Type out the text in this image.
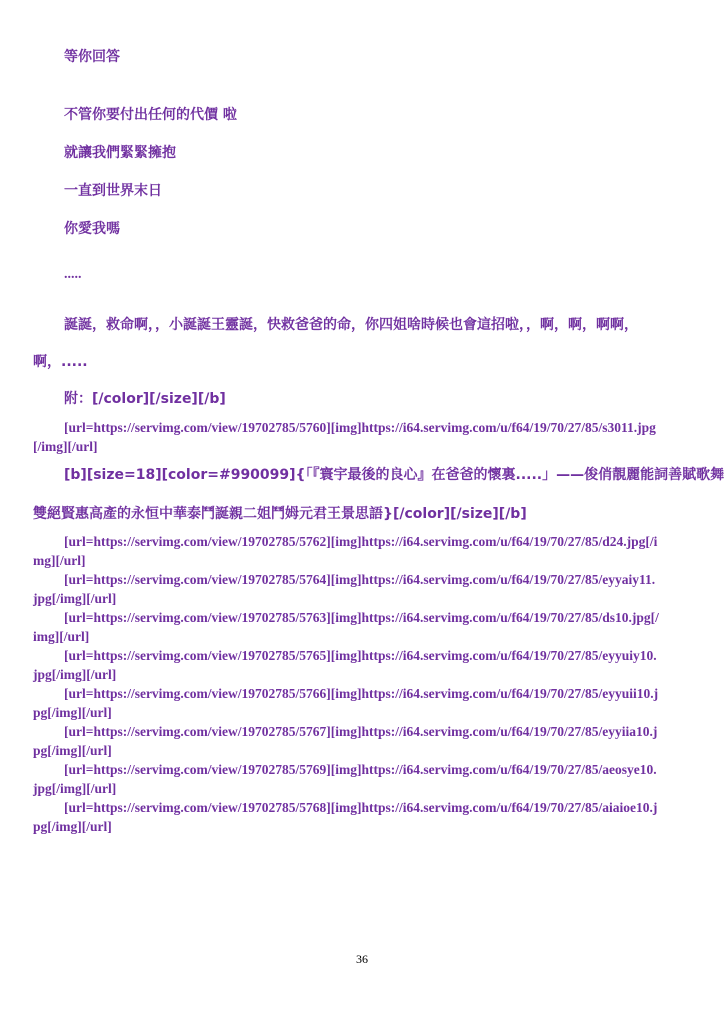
等你回答
不管你要付出任何的代價 啦
就讓我們緊緊擁抱
一直到世界末日
你愛我嗎
.....
誕誕，救命啊，，小誕誕王靈誕，快救爸爸的命，你四姐啥時候也會這招啦，，啊，啊，啊啊，
啊，.....
附：[/color][/size][/b]
[url=https://servimg.com/view/19702785/5760][img]https://i64.servimg.com/u/f64/19/70/27/85/s3011.jpg[/img][/url]
[b][size=18][color=#990099]{「『寰宇最後的良心』在爸爸的懷裏.....」——俊俏靚麗能詞善賦歌舞
雙絕賢惠高產的永恒中華泰鬥誕親二姐鬥姆元君王景思語}[/color][/size][/b]
[url=https://servimg.com/view/19702785/5762][img]https://i64.servimg.com/u/f64/19/70/27/85/d24.jpg[/img][/url]
[url=https://servimg.com/view/19702785/5764][img]https://i64.servimg.com/u/f64/19/70/27/85/eyyaiy11.jpg[/img][/url]
[url=https://servimg.com/view/19702785/5763][img]https://i64.servimg.com/u/f64/19/70/27/85/ds10.jpg[/img][/url]
[url=https://servimg.com/view/19702785/5765][img]https://i64.servimg.com/u/f64/19/70/27/85/eyyuiy10.jpg[/img][/url]
[url=https://servimg.com/view/19702785/5766][img]https://i64.servimg.com/u/f64/19/70/27/85/eyyuii10.jpg[/img][/url]
[url=https://servimg.com/view/19702785/5767][img]https://i64.servimg.com/u/f64/19/70/27/85/eyyiia10.jpg[/img][/url]
[url=https://servimg.com/view/19702785/5769][img]https://i64.servimg.com/u/f64/19/70/27/85/aeosye10.jpg[/img][/url]
[url=https://servimg.com/view/19702785/5768][img]https://i64.servimg.com/u/f64/19/70/27/85/aiaioe10.jpg[/img][/url]
36
